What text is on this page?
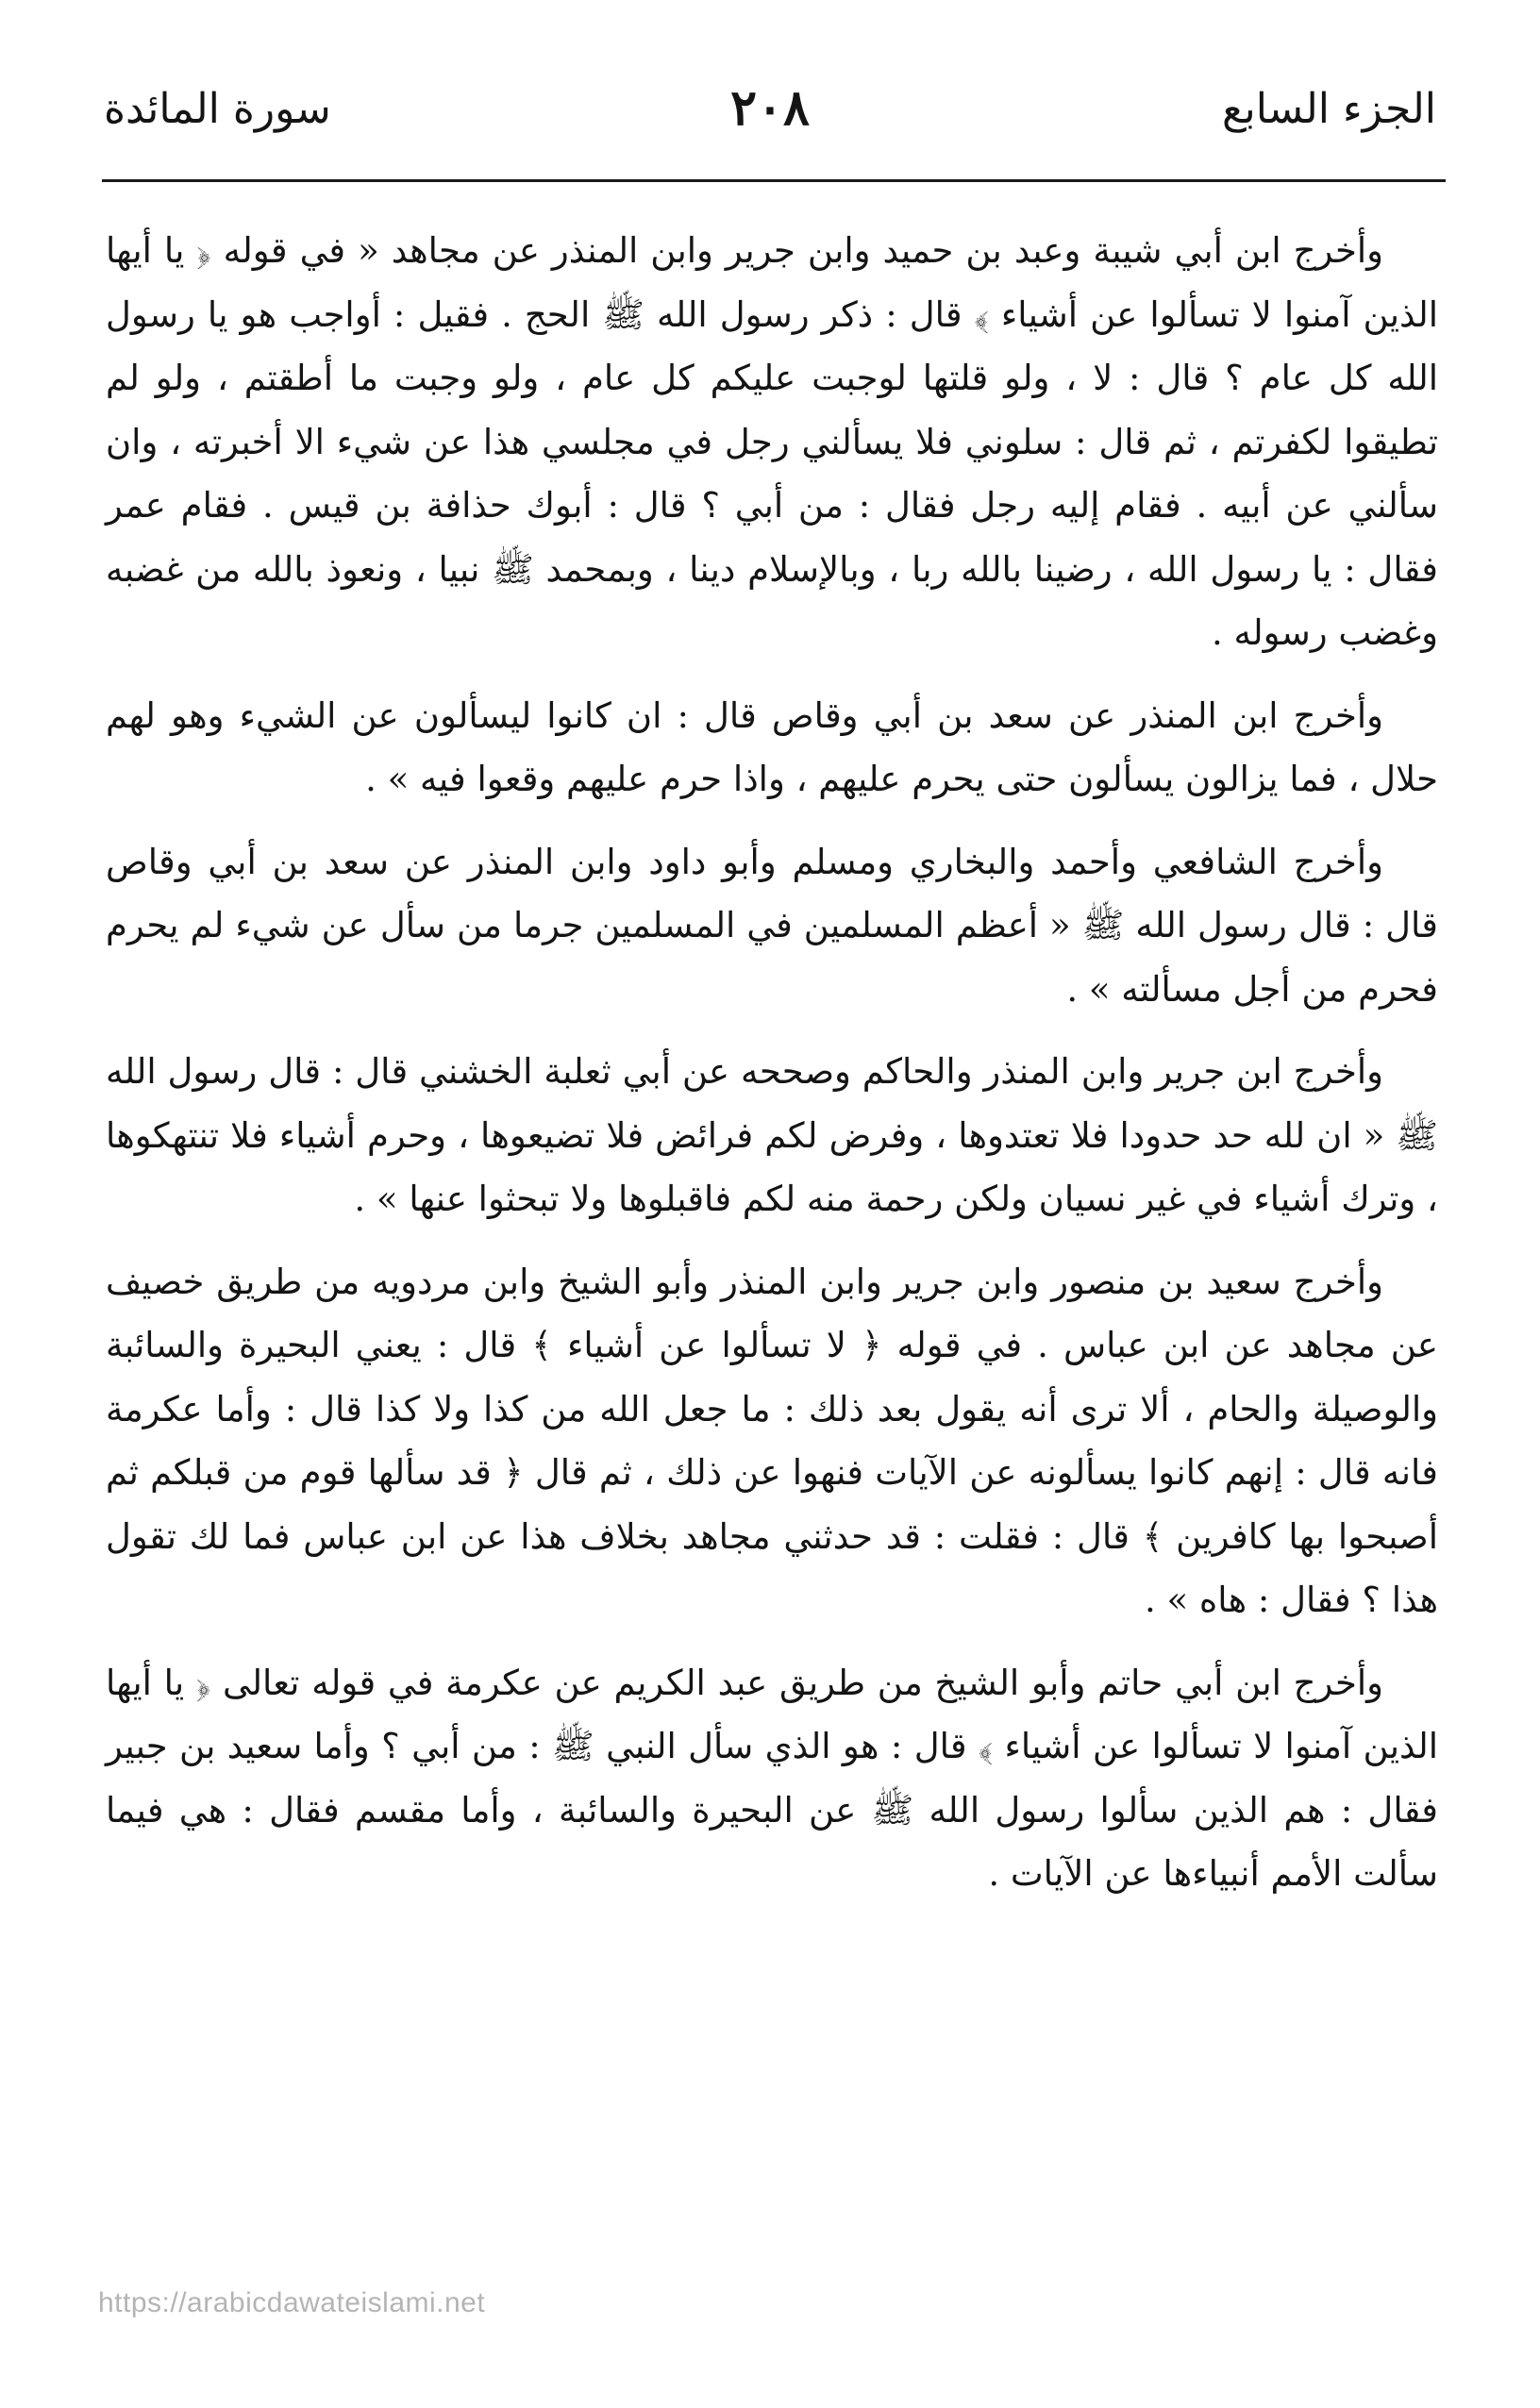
الجزء السابع
٢٠٨
سورة المائدة

وأخرج ابن أبي شيبة وعبد بن حميد وابن جرير وابن المنذر عن مجاهد « في قوله ﴿ يا أيها الذين آمنوا لا تسألوا عن أشياء ﴾ قال : ذكر رسول الله ﷺ الحج . فقيل : أواجب هو يا رسول الله كل عام ؟ قال : لا ، ولو قلتها لوجبت عليكم كل عام ، ولو وجبت ما أطقتم ، ولو لم تطيقوا لكفرتم ، ثم قال : سلوني فلا يسألني رجل في مجلسي هذا عن شيء الا أخبرته ، وان سألني عن أبيه . فقام إليه رجل فقال : من أبي ؟ قال : أبوك حذافة بن قيس . فقام عمر فقال : يا رسول الله ، رضينا بالله ربا ، وبالإسلام دينا ، وبمحمد ﷺ نبيا ، ونعوذ بالله من غضبه وغضب رسوله .

وأخرج ابن المنذر عن سعد بن أبي وقاص قال : ان كانوا ليسألون عن الشيء وهو لهم حلال ، فما يزالون يسألون حتى يحرم عليهم ، واذا حرم عليهم وقعوا فيه » .

وأخرج الشافعي وأحمد والبخاري ومسلم وأبو داود وابن المنذر عن سعد بن أبي وقاص قال : قال رسول الله ﷺ « أعظم المسلمين في المسلمين جرما من سأل عن شيء لم يحرم فحرم من أجل مسألته » .

وأخرج ابن جرير وابن المنذر والحاكم وصححه عن أبي ثعلبة الخشني قال : قال رسول الله ﷺ « ان لله حد حدودا فلا تعتدوها ، وفرض لكم فرائض فلا تضيعوها ، وحرم أشياء فلا تنتهكوها ، وترك أشياء في غير نسيان ولكن رحمة منه لكم فاقبلوها ولا تبحثوا عنها » .

وأخرج سعيد بن منصور وابن جرير وابن المنذر وأبو الشيخ وابن مردويه من طريق خصيف عن مجاهد عن ابن عباس . في قوله ﴿ لا تسألوا عن أشياء ﴾ قال : يعني البحيرة والسائبة والوصيلة والحام ، ألا ترى أنه يقول بعد ذلك : ما جعل الله من كذا ولا كذا قال : وأما عكرمة فانه قال : إنهم كانوا يسألونه عن الآيات فنهوا عن ذلك ، ثم قال ﴿ قد سألها قوم من قبلكم ثم أصبحوا بها كافرين ﴾ قال : فقلت : قد حدثني مجاهد بخلاف هذا عن ابن عباس فما لك تقول هذا ؟ فقال : هاه » .

وأخرج ابن أبي حاتم وأبو الشيخ من طريق عبد الكريم عن عكرمة في قوله تعالى ﴿ يا أيها الذين آمنوا لا تسألوا عن أشياء ﴾ قال : هو الذي سأل النبي ﷺ : من أبي ؟ وأما سعيد بن جبير فقال : هم الذين سألوا رسول الله ﷺ عن البحيرة والسائبة ، وأما مقسم فقال : هي فيما سألت الأمم أنبياءها عن الآيات .

https://arabicdawateislami.net
